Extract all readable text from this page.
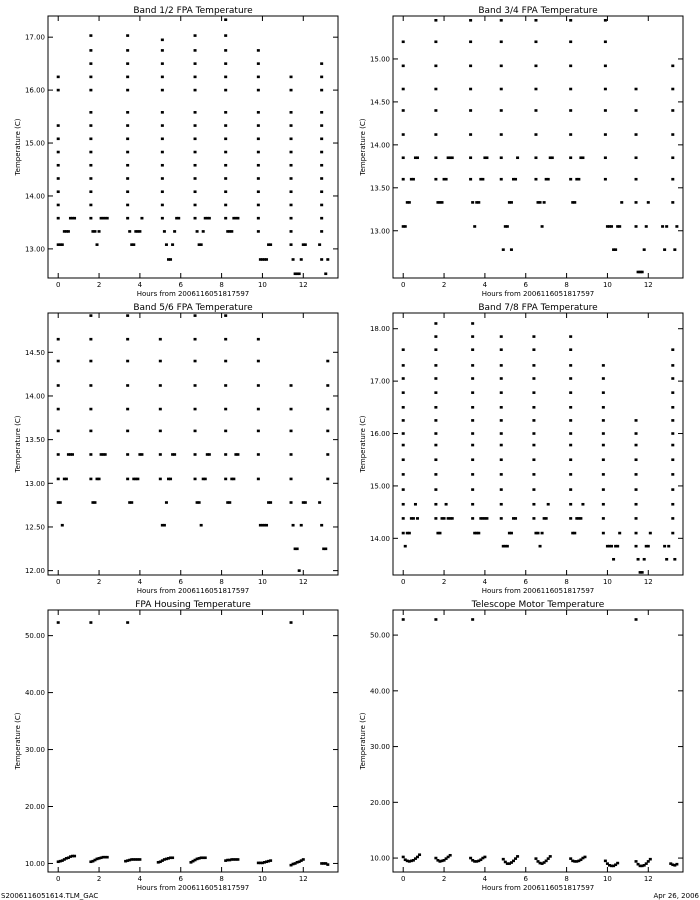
S2006116051614.TLM_GAC	Apr 26, 2006
Band 1/2 FPA Temperature
Hours from 2006116051817597
Temperature (C)
0	2	4	6	8	10	12
13.00
14.00
15.00
16.00
17.00
Band 3/4 FPA Temperature
Hours from 2006116051817597
Temperature (C)
0	2	4	6	8	10	12
13.00
13.50
14.00
14.50
15.00
Band 5/6 FPA Temperature
Hours from 2006116051817597
Temperature (C)
0	2	4	6	8	10	12
12.00
12.50
13.00
13.50
14.00
14.50
Band 7/8 FPA Temperature
Hours from 2006116051817597
Temperature (C)
0	2	4	6	8	10	12
14.00
15.00
16.00
17.00
18.00
FPA Housing Temperature
Hours from 2006116051817597
Temperature (C)
0	2	4	6	8	10	12
10.00
20.00
30.00
40.00
50.00
Telescope Motor Temperature
Hours from 2006116051817597
Temperature (C)
0	2	4	6	8	10	12
10.00
20.00
30.00
40.00
50.00
